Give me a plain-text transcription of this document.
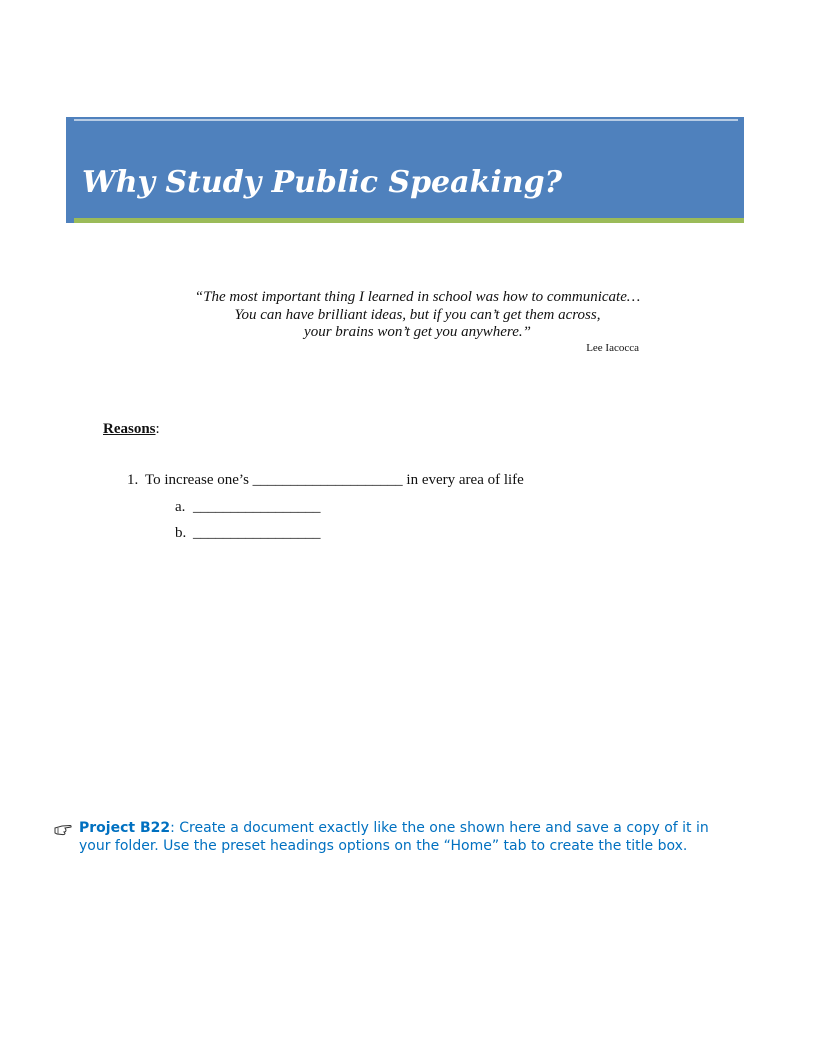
Why Study Public Speaking?
“The most important thing I learned in school was how to communicate…
You can have brilliant ideas, but if you can’t get them across,
your brains won’t get you anywhere.”
Lee Iacocca
Reasons:
1. To increase one’s ____________________ in every area of life
a. _________________
b. _________________
Project B22: Create a document exactly like the one shown here and save a copy of it in your folder. Use the preset headings options on the “Home” tab to create the title box.
